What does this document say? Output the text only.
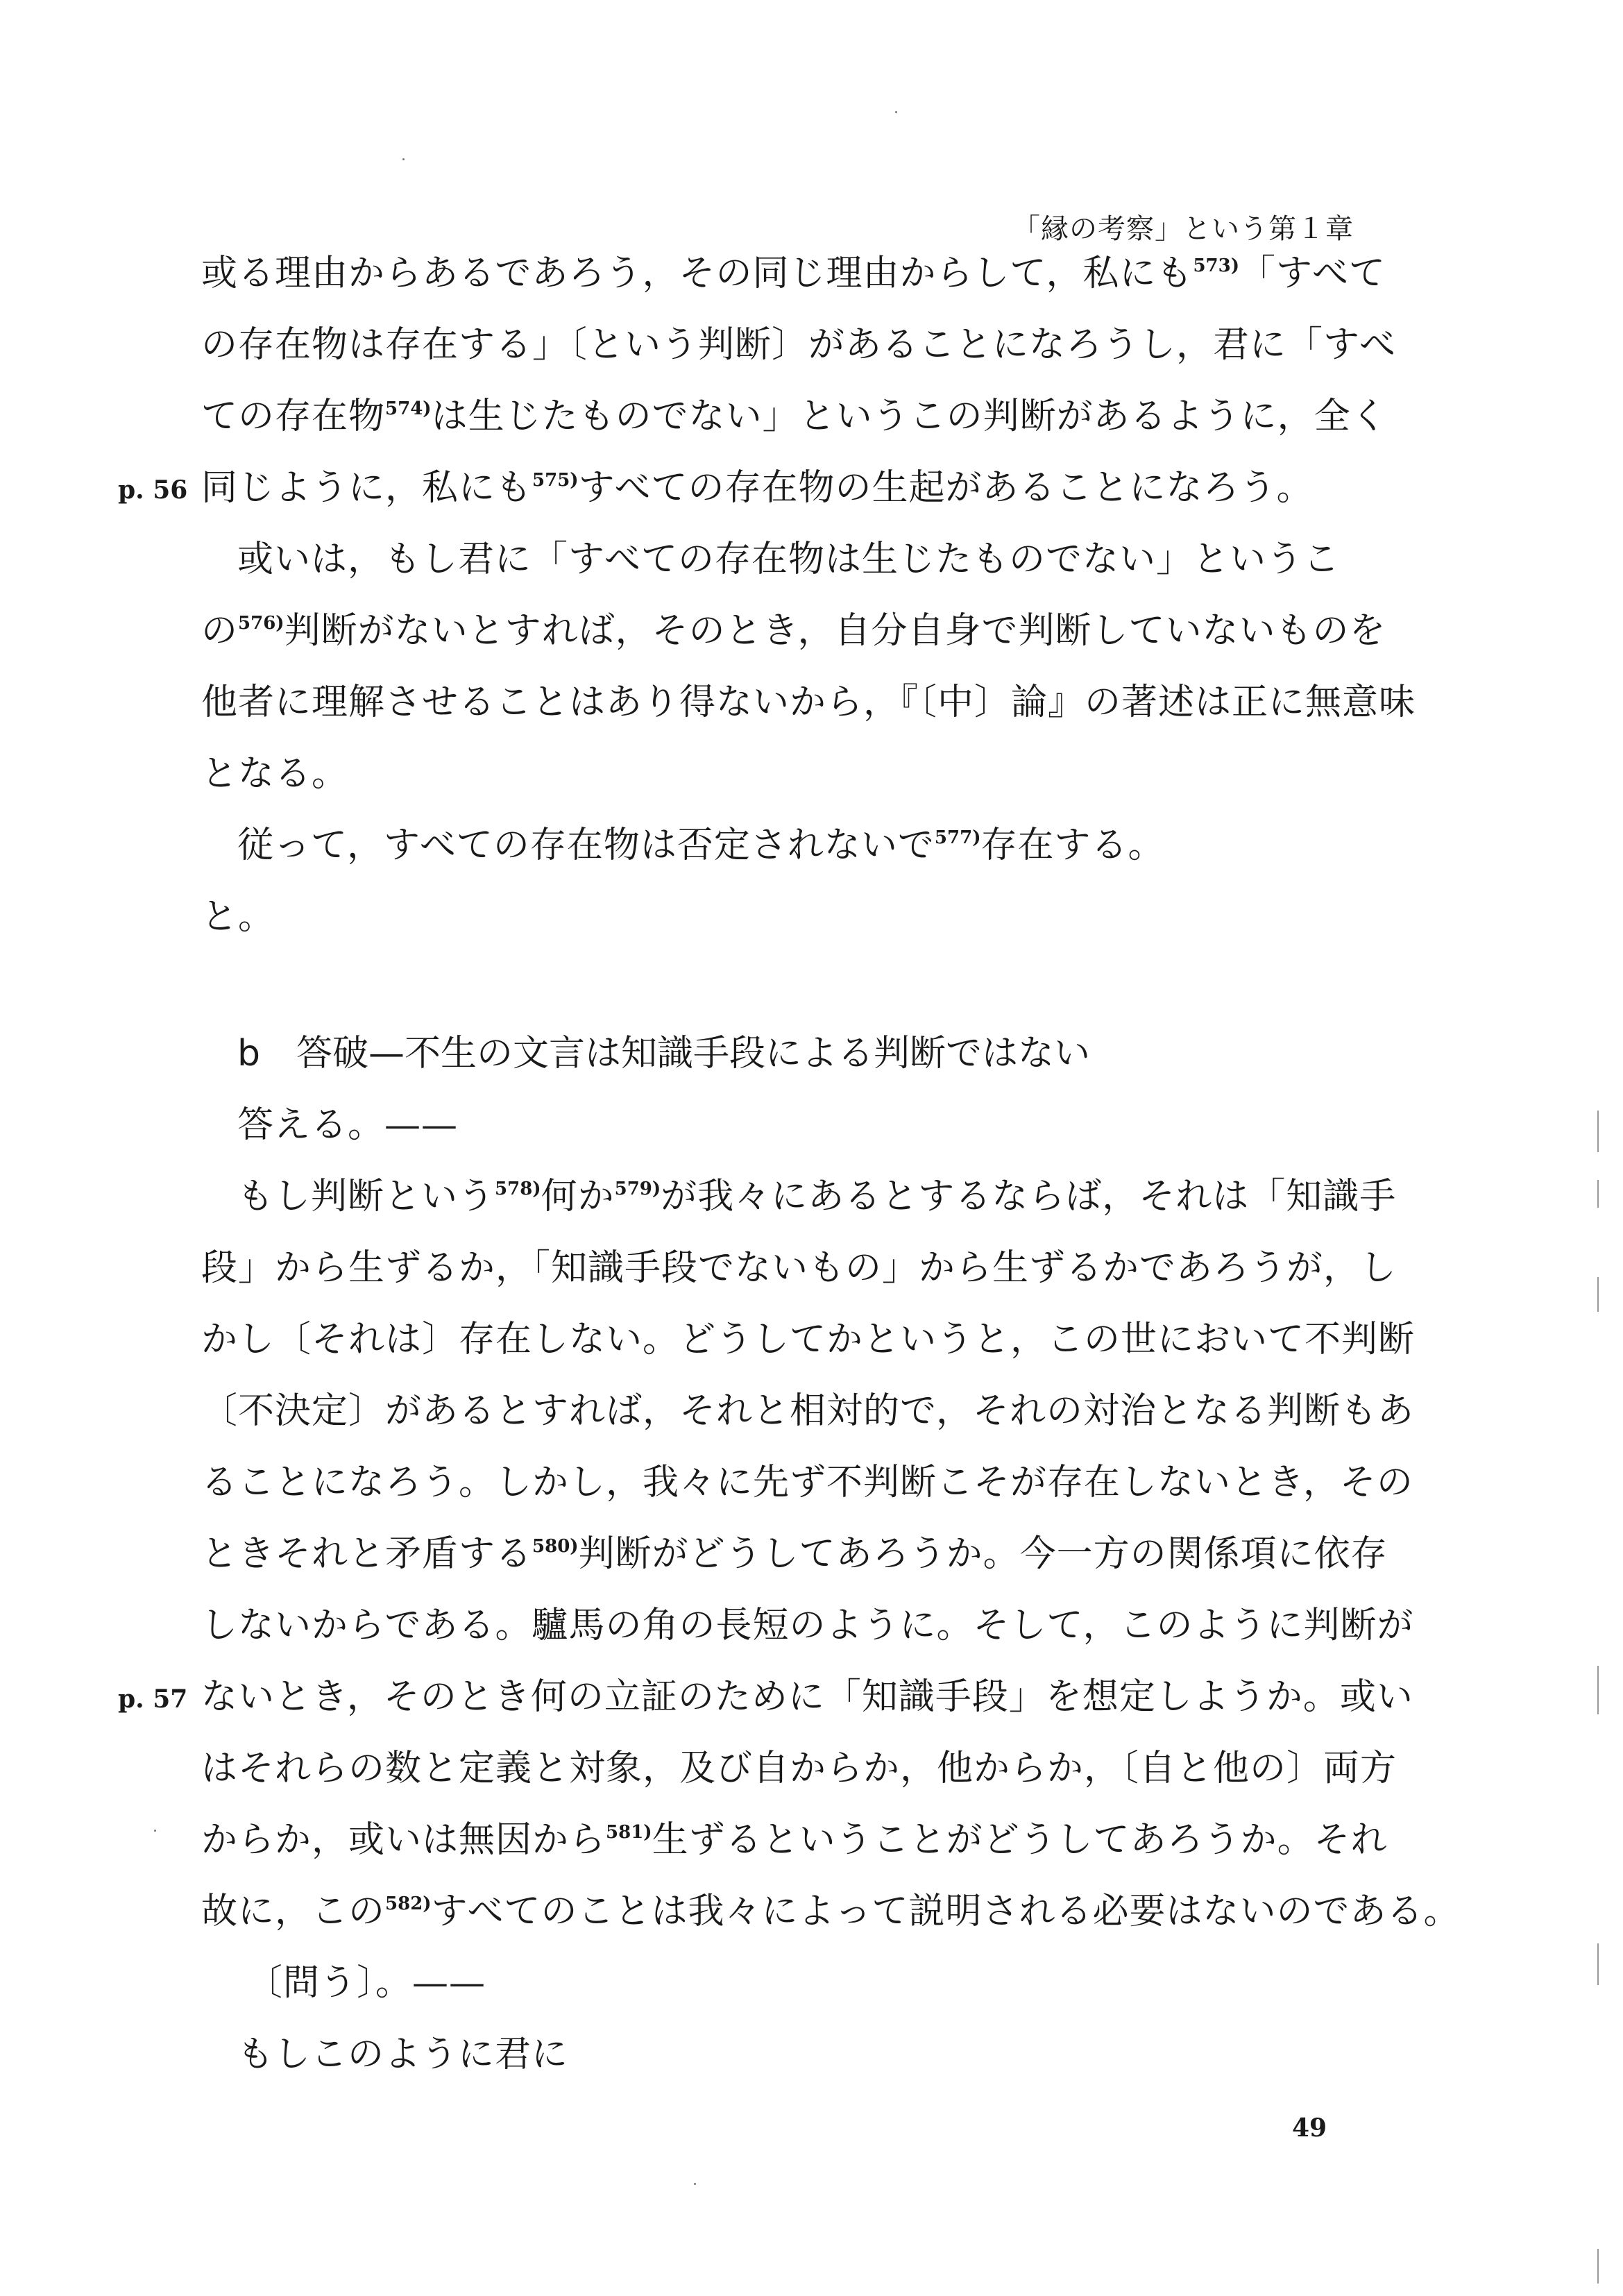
「縁の考察」という第１章
或る理由からあるであろう，その同じ理由からして，私にも$^{573)}$「すべて
の存在物は存在する」〔という判断〕があることになろうし，君に「すべ
ての存在物$^{574)}$は生じたものでない」というこの判断があるように，全く
p. 56 同じように，私にも$^{575)}$すべての存在物の生起があることになろう。
或いは，もし君に「すべての存在物は生じたものでない」というこ
の$^{576)}$判断がないとすれば，そのとき，自分自身で判断していないものを
他者に理解させることはあり得ないから，『〔中〕論』の著述は正に無意味
となる。
従って，すべての存在物は否定されないで$^{577)}$存在する。
と。
b　答破—不生の文言は知識手段による判断ではない
答える。——
もし判断という$^{578)}$何か$^{579)}$が我々にあるとするならば，それは「知識手
段」から生ずるか，「知識手段でないもの」から生ずるかであろうが，し
かし〔それは〕存在しない。どうしてかというと，この世において不判断
〔不決定〕があるとすれば，それと相対的で，それの対治となる判断もあ
ることになろう。しかし，我々に先ず不判断こそが存在しないとき，その
ときそれと矛盾する$^{580)}$判断がどうしてあろうか。今一方の関係項に依存
しないからである。驢馬の角の長短のように。そして，このように判断が
p. 57 ないとき，そのとき何の立証のために「知識手段」を想定しようか。或い
はそれらの数と定義と対象，及び自からか，他からか，〔自と他の〕両方
からか，或いは無因から$^{581)}$生ずるということがどうしてあろうか。それ
故に，この$^{582)}$すべてのことは我々によって説明される必要はないのである。
〔問う〕。——
もしこのように君に
49
